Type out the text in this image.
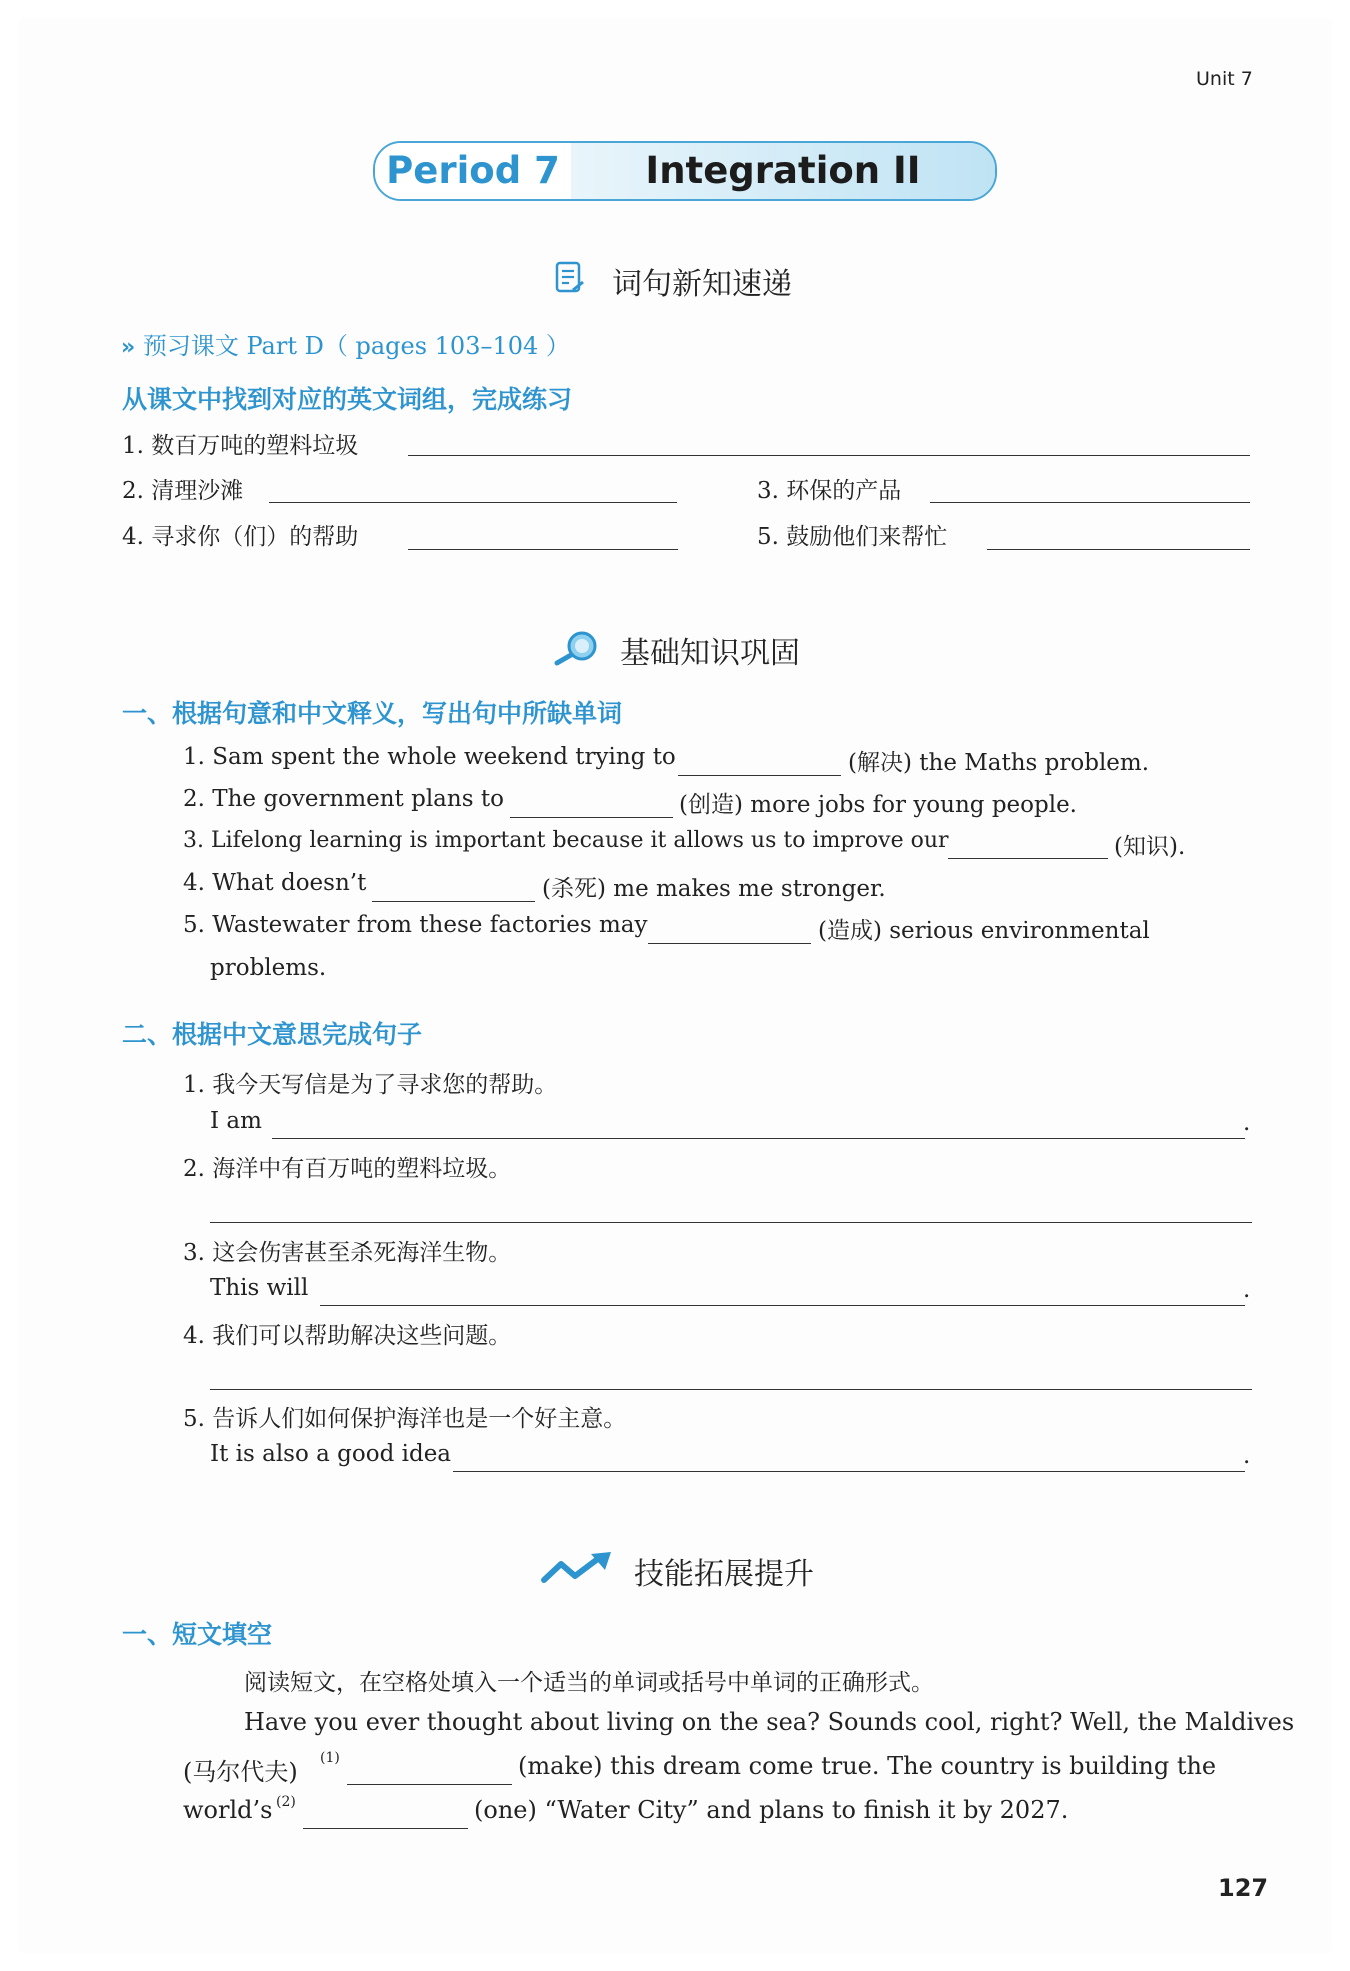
Unit 7
Period 7	Integration II
词句新知速递
» 预习课文 Part D（ pages 103–104 ）
从课文中找到对应的英文词组，完成练习
1. 数百万吨的塑料垃圾
2. 清理沙滩	3. 环保的产品
4. 寻求你（们）的帮助	5. 鼓励他们来帮忙
基础知识巩固
一、根据句意和中文释义，写出句中所缺单词
1. Sam spent the whole weekend trying to	(解决) the Maths problem.
2. The government plans to	(创造) more jobs for young people.
3. Lifelong learning is important because it allows us to improve our	(知识).
4. What doesn’t	(杀死) me makes me stronger.
5. Wastewater from these factories may	(造成) serious environmental
problems.
二、根据中文意思完成句子
1. 我今天写信是为了寻求您的帮助。
I am	.
2. 海洋中有百万吨的塑料垃圾。
3. 这会伤害甚至杀死海洋生物。
This will	.
4. 我们可以帮助解决这些问题。
5. 告诉人们如何保护海洋也是一个好主意。
It is also a good idea	.
技能拓展提升
一、短文填空
阅读短文，在空格处填入一个适当的单词或括号中单词的正确形式。
Have you ever thought about living on the sea? Sounds cool, right? Well, the Maldives
(马尔代夫) (1)	(make) this dream come true. The country is building the
world’s (2)	(one) “Water City” and plans to finish it by 2027.
127
